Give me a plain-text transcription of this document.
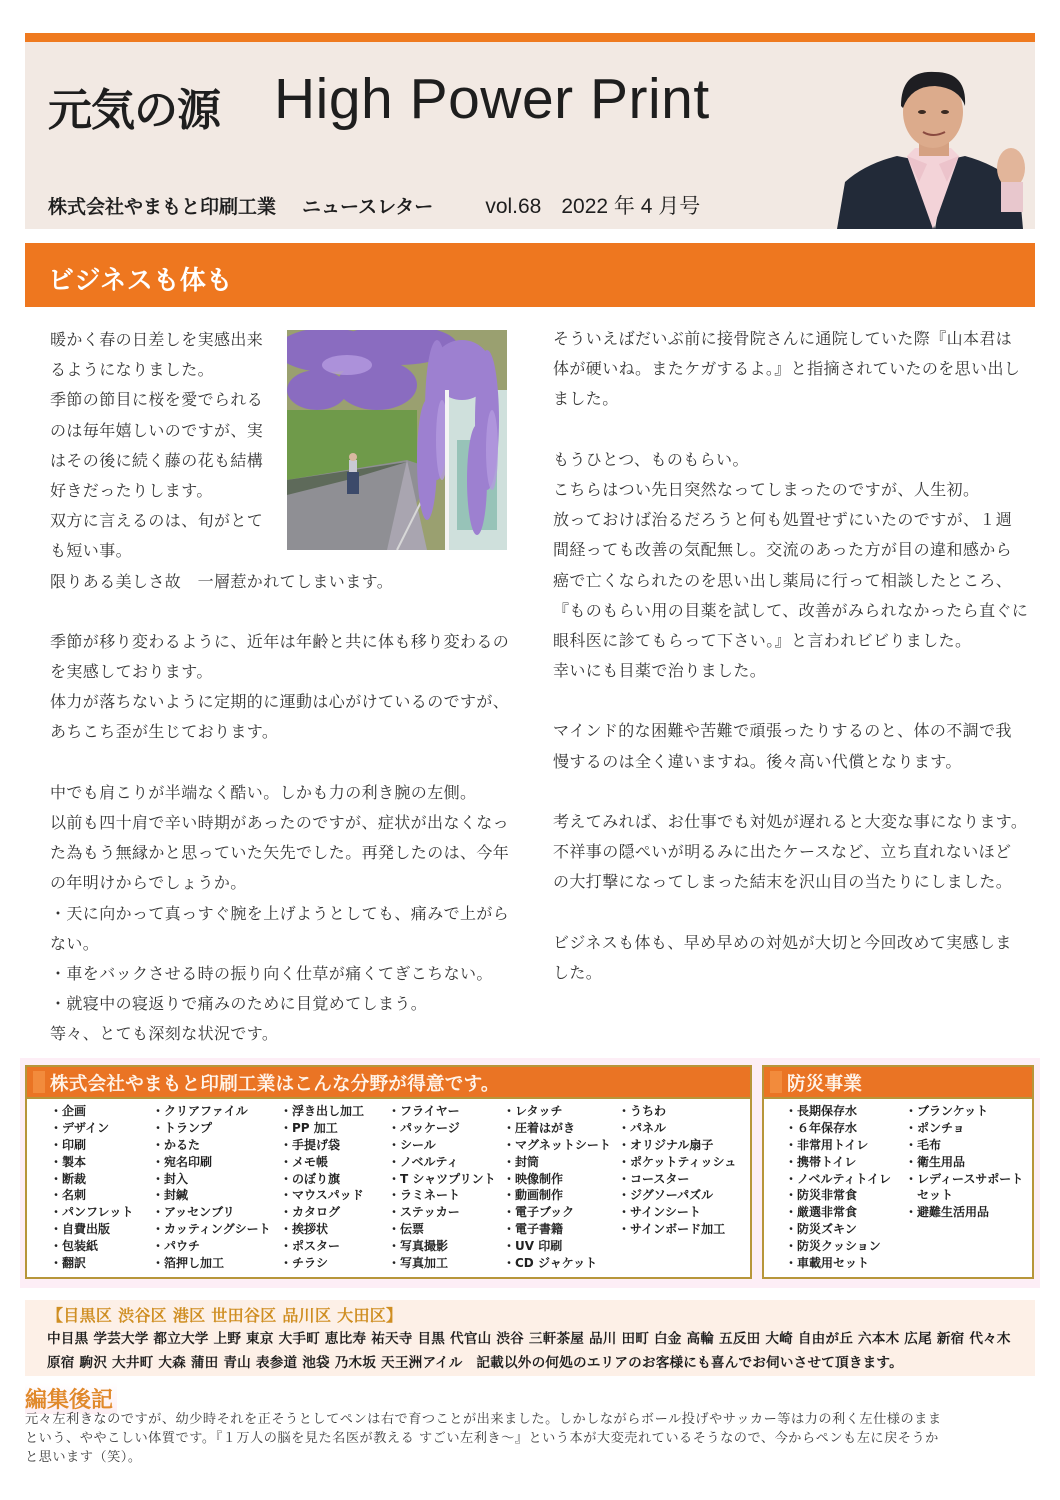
元気の源 High Power Print
株式会社やまもと印刷工業 ニュースレター vol.68 2022 年 4 月号
ビジネスも体も
暖かく春の日差しを実感出来
るようになりました。
季節の節目に桜を愛でられる
のは毎年嬉しいのですが、実
はその後に続く藤の花も結構
好きだったりします。
双方に言えるのは、旬がとて
も短い事。
限りある美しさ故　一層惹かれてしまいます。
季節が移り変わるように、近年は年齢と共に体も移り変わるの
を実感しております。
体力が落ちないように定期的に運動は心がけているのですが、
あちこち歪が生じております。
中でも肩こりが半端なく酷い。しかも力の利き腕の左側。
以前も四十肩で辛い時期があったのですが、症状が出なくなっ
た為もう無縁かと思っていた矢先でした。再発したのは、今年
の年明けからでしょうか。
・天に向かって真っすぐ腕を上げようとしても、痛みで上がら
ない。
・車をバックさせる時の振り向く仕草が痛くてぎこちない。
・就寝中の寝返りで痛みのために目覚めてしまう。
等々、とても深刻な状況です。
そういえばだいぶ前に接骨院さんに通院していた際『山本君は
体が硬いね。またケガするよ。』と指摘されていたのを思い出し
ました。
もうひとつ、ものもらい。
こちらはつい先日突然なってしまったのですが、人生初。
放っておけば治るだろうと何も処置せずにいたのですが、１週
間経っても改善の気配無し。交流のあった方が目の違和感から
癌で亡くなられたのを思い出し薬局に行って相談したところ、
『ものもらい用の目薬を試して、改善がみられなかったら直ぐに
眼科医に診てもらって下さい。』と言われビビりました。
幸いにも目薬で治りました。
マインド的な困難や苦難で頑張ったりするのと、体の不調で我
慢するのは全く違いますね。後々高い代償となります。
考えてみれば、お仕事でも対処が遅れると大変な事になります。
不祥事の隠ぺいが明るみに出たケースなど、立ち直れないほど
の大打撃になってしまった結末を沢山目の当たりにしました。
ビジネスも体も、早め早めの対処が大切と今回改めて実感しま
した。
株式会社やまもと印刷工業はこんな分野が得意です。
・企画
・デザイン
・印刷
・製本
・断裁
・名刺
・パンフレット
・自費出版
・包装紙
・翻訳
・クリアファイル
・トランプ
・かるた
・宛名印刷
・封入
・封緘
・アッセンブリ
・カッティングシート
・パウチ
・箔押し加工
・浮き出し加工
・PP 加工
・手提げ袋
・メモ帳
・のぼり旗
・マウスパッド
・カタログ
・挨拶状
・ポスター
・チラシ
・フライヤー
・パッケージ
・シール
・ノベルティ
・T シャツプリント
・ラミネート
・ステッカー
・伝票
・写真撮影
・写真加工
・レタッチ
・圧着はがき
・マグネットシート
・封筒
・映像制作
・動画制作
・電子ブック
・電子書籍
・UV 印刷
・CD ジャケット
・うちわ
・パネル
・オリジナル扇子
・ポケットティッシュ
・コースター
・ジグソーパズル
・サインシート
・サインボード加工
防災事業
・長期保存水
・６年保存水
・非常用トイレ
・携帯トイレ
・ノベルティトイレ
・防災非常食
・厳選非常食
・防災ズキン
・防災クッション
・車載用セット
・ブランケット
・ポンチョ
・毛布
・衛生用品
・レディースサポート
　セット
・避難生活用品
【目黒区 渋谷区 港区 世田谷区 品川区 大田区】
中目黒 学芸大学 都立大学 上野 東京 大手町 恵比寿 祐天寺 目黒 代官山 渋谷 三軒茶屋 品川 田町 白金 高輪 五反田 大崎 自由が丘 六本木 広尾 新宿 代々木
原宿 駒沢 大井町 大森 蒲田 青山 表参道 池袋 乃木坂 天王洲アイル　記載以外の何処のエリアのお客様にも喜んでお伺いさせて頂きます。
編集後記
元々左利きなのですが、幼少時それを正そうとしてペンは右で育つことが出来ました。しかしながらボール投げやサッカー等は力の利く左仕様のまま
という、ややこしい体質です。『１万人の脳を見た名医が教える すごい左利き〜』という本が大変売れているそうなので、今からペンも左に戻そうか
と思います（笑）。
